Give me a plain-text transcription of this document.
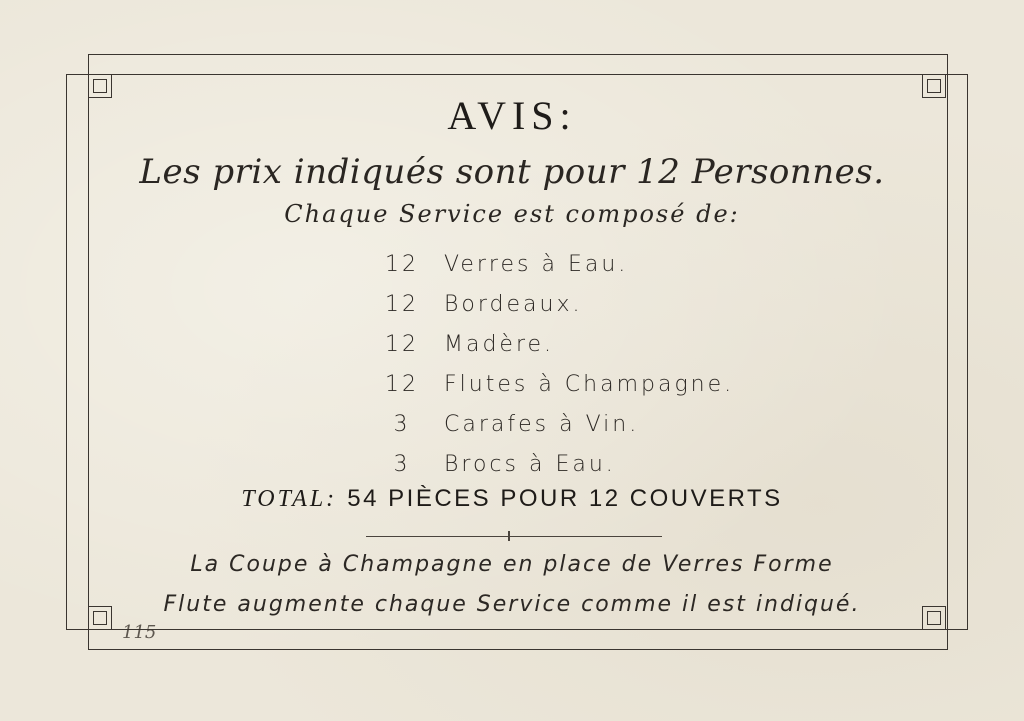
AVIS:
Les prix indiqués sont pour 12 Personnes.
Chaque Service est composé de:
12	Verres à Eau.
12	Bordeaux.
12	Madère.
12	Flutes à Champagne.
3	Carafes à Vin.
3	Brocs à Eau.
TOTAL: 54 PIÈCES POUR 12 COUVERTS
La Coupe à Champagne en place de Verres Forme
Flute augmente chaque Service comme il est indiqué.
115
